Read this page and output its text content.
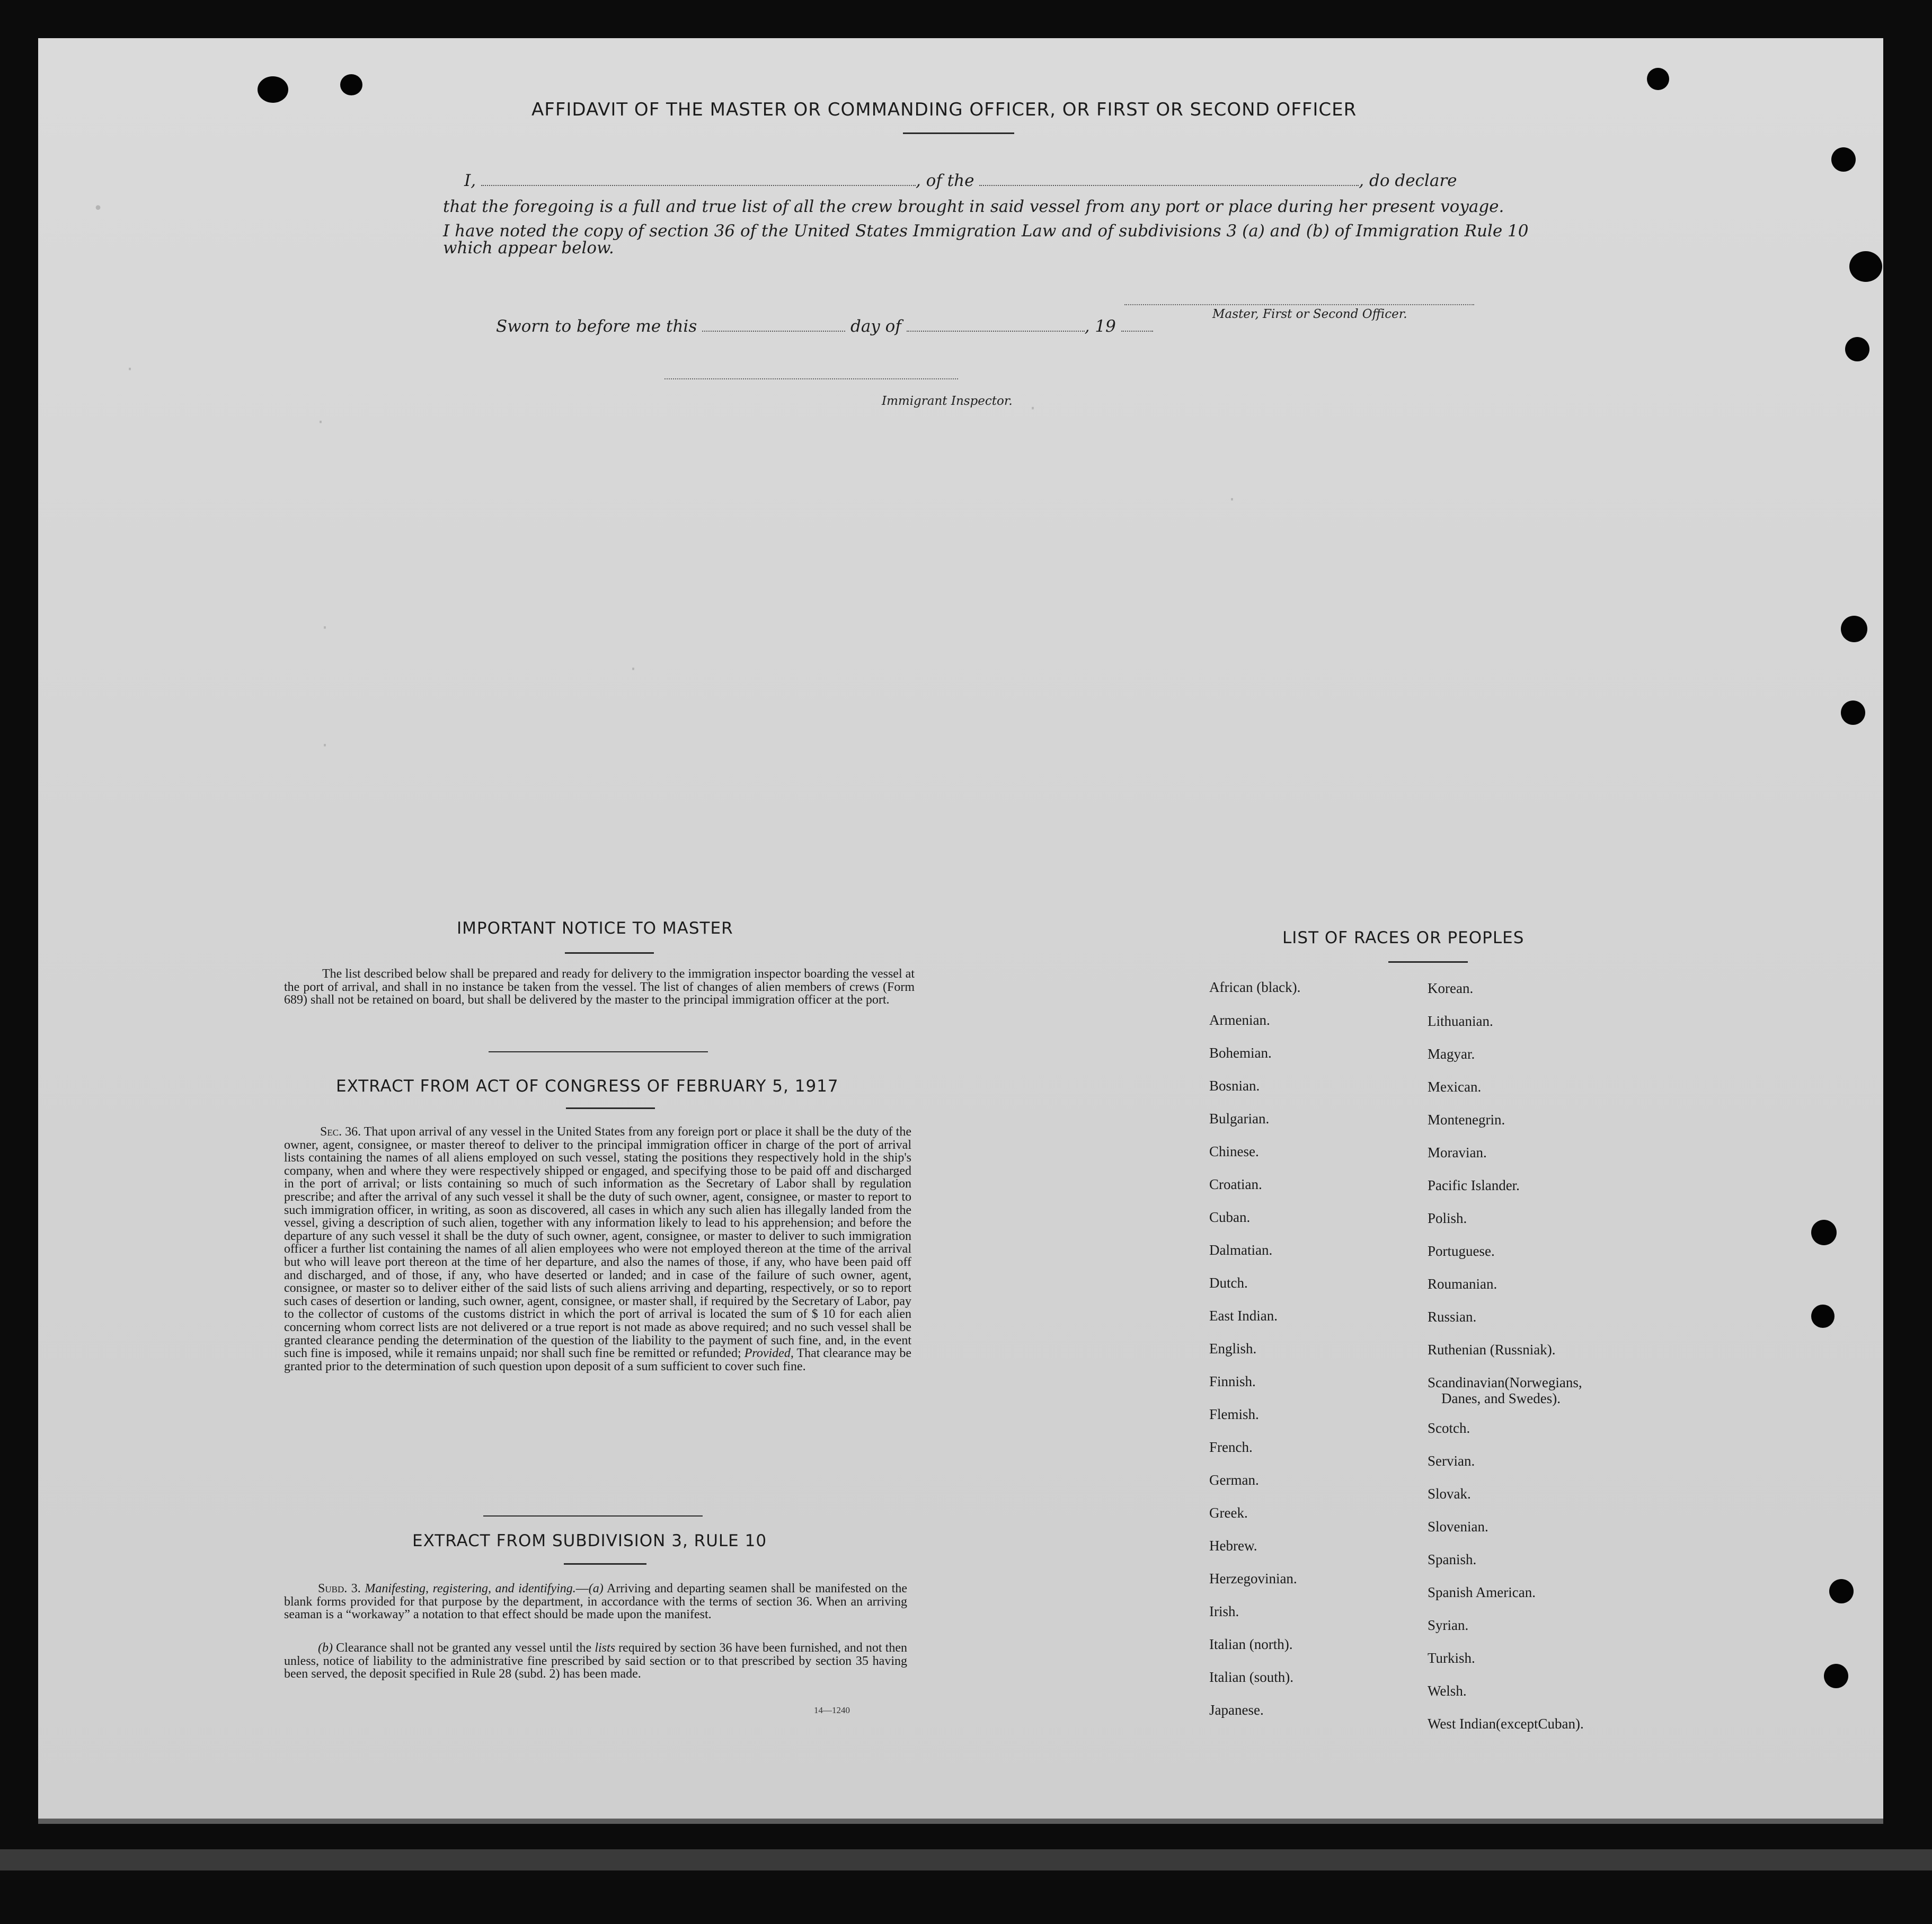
•
·
·
·
·
·
·
·
AFFIDAVIT OF THE MASTER OR COMMANDING OFFICER, OR FIRST OR SECOND OFFICER
I,	, of the	, do declare
that the foregoing is a full and true list of all the crew brought in said vessel from any port or place during her present voyage.
I have noted the copy of section 36 of the United States Immigration Law and of subdivisions 3 (a) and (b) of Immigration Rule 10
which appear below.
Master, First or Second Officer.
Sworn to before me this	day of	, 19
Immigrant Inspector.
IMPORTANT NOTICE TO MASTER
The list described below shall be prepared and ready for delivery to the immigration inspector boarding the vessel at the port of arrival, and shall in no instance be taken from the vessel. The list of changes of alien members of crews (Form 689) shall not be retained on board, but shall be delivered by the master to the principal immigration officer at the port.
EXTRACT FROM ACT OF CONGRESS OF FEBRUARY 5, 1917
Sec. 36. That upon arrival of any vessel in the United States from any foreign port or place it shall be the duty of the owner, agent, consignee, or master thereof to deliver to the principal immigration officer in charge of the port of arrival lists containing the names of all aliens employed on such vessel, stating the positions they respectively hold in the ship's company, when and where they were respectively shipped or engaged, and specifying those to be paid off and discharged in the port of arrival; or lists containing so much of such information as the Secretary of Labor shall by regulation prescribe; and after the arrival of any such vessel it shall be the duty of such owner, agent, consignee, or master to report to such immigration officer, in writing, as soon as discovered, all cases in which any such alien has illegally landed from the vessel, giving a description of such alien, together with any information likely to lead to his apprehension; and before the departure of any such vessel it shall be the duty of such owner, agent, consignee, or master to deliver to such immigration officer a further list containing the names of all alien employees who were not employed thereon at the time of the arrival but who will leave port thereon at the time of her departure, and also the names of those, if any, who have been paid off and discharged, and of those, if any, who have deserted or landed; and in case of the failure of such owner, agent, consignee, or master so to deliver either of the said lists of such aliens arriving and departing, respectively, or so to report such cases of desertion or landing, such owner, agent, consignee, or master shall, if required by the Secretary of Labor, pay to the collector of customs of the customs district in which the port of arrival is located the sum of $ 10 for each alien concerning whom correct lists are not delivered or a true report is not made as above required; and no such vessel shall be granted clearance pending the determination of the question of the liability to the payment of such fine, and, in the event such fine is imposed, while it remains unpaid; nor shall such fine be remitted or refunded; Provided, That clearance may be granted prior to the determination of such question upon deposit of a sum sufficient to cover such fine.
EXTRACT FROM SUBDIVISION 3, RULE 10
Subd. 3. Manifesting, registering, and identifying.—(a) Arriving and departing seamen shall be manifested on the blank forms provided for that purpose by the department, in accordance with the terms of section 36. When an arriving seaman is a “workaway” a notation to that effect should be made upon the manifest.
(b) Clearance shall not be granted any vessel until the lists required by section 36 have been furnished, and not then unless, notice of liability to the administrative fine prescribed by said section or to that prescribed by section 35 having been served, the deposit specified in Rule 28 (subd. 2) has been made.
14—1240
LIST OF RACES OR PEOPLES
African (black).
Armenian.
Bohemian.
Bosnian.
Bulgarian.
Chinese.
Croatian.
Cuban.
Dalmatian.
Dutch.
East Indian.
English.
Finnish.
Flemish.
French.
German.
Greek.
Hebrew.
Herzegovinian.
Irish.
Italian (north).
Italian (south).
Japanese.
Korean.
Lithuanian.
Magyar.
Mexican.
Montenegrin.
Moravian.
Pacific Islander.
Polish.
Portuguese.
Roumanian.
Russian.
Ruthenian (Russniak).
Scandinavian(Norwegians,
Danes, and Swedes).
Scotch.
Servian.
Slovak.
Slovenian.
Spanish.
Spanish American.
Syrian.
Turkish.
Welsh.
West Indian(exceptCuban).
